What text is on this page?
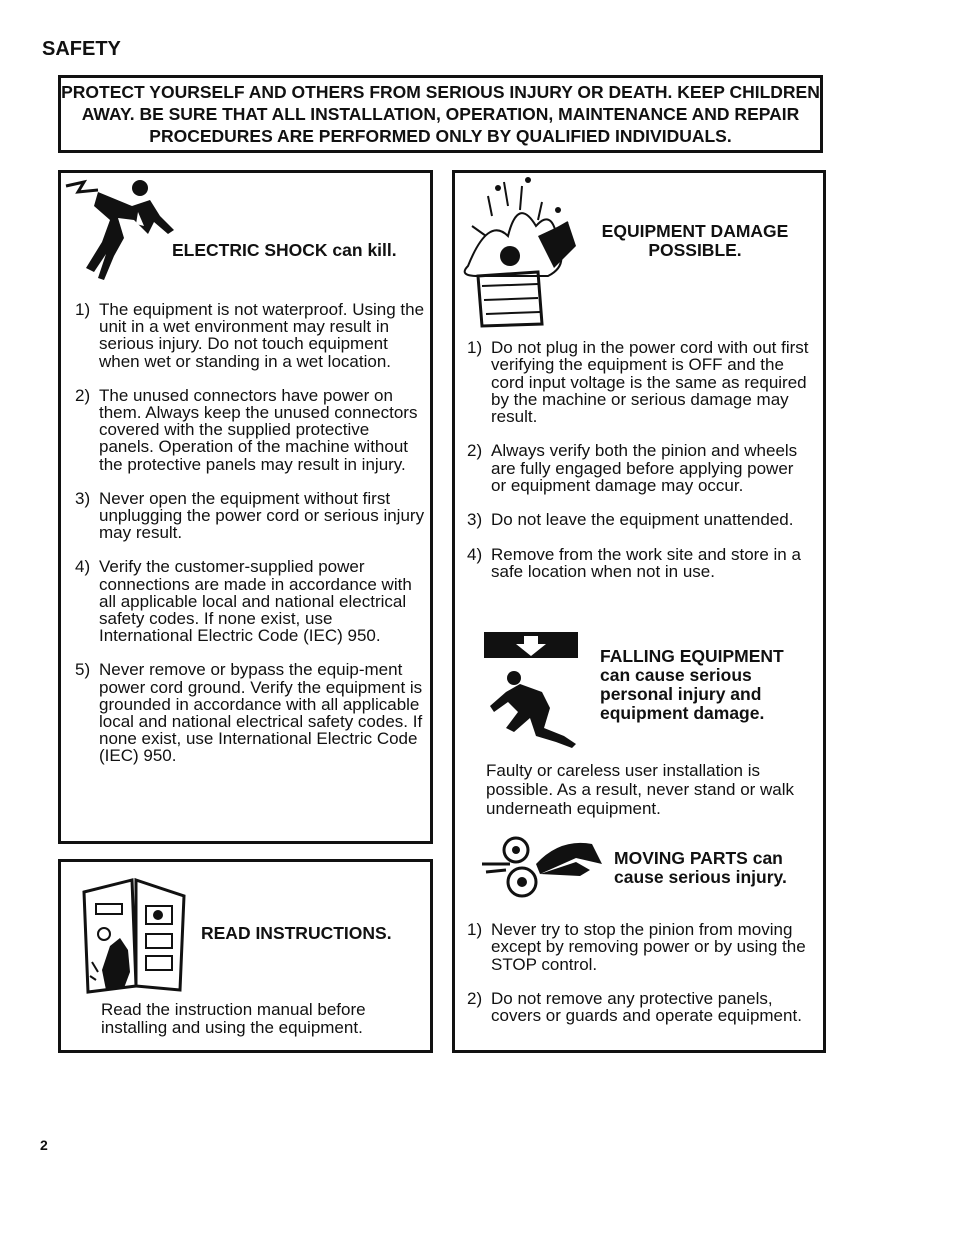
SAFETY
PROTECT YOURSELF AND OTHERS FROM SERIOUS INJURY OR DEATH. KEEP CHILDREN AWAY. BE SURE THAT ALL INSTALLATION, OPERATION, MAINTENANCE AND REPAIR PROCEDURES ARE PERFORMED ONLY BY QUALIFIED INDIVIDUALS.
ELECTRIC SHOCK can kill.
1) The equipment is not waterproof. Using the unit in a wet environment may result in serious injury. Do not touch equipment when wet or standing in a wet location.
2) The unused connectors have power on them. Always keep the unused connectors covered with the supplied protective panels. Operation of the machine without the protective panels may result in injury.
3) Never open the equipment without first unplugging the power cord or serious injury may result.
4) Verify the customer-supplied power connections are made in accordance with all applicable local and national electrical safety codes. If none exist, use International Electric Code (IEC) 950.
5) Never remove or bypass the equip-ment power cord ground. Verify the equipment is grounded in accordance with all applicable local and national electrical safety codes. If none exist, use International Electric Code (IEC) 950.
READ INSTRUCTIONS.
Read the instruction manual before installing and using the equipment.
EQUIPMENT DAMAGE POSSIBLE.
1) Do not plug in the power cord with out first verifying the equipment is OFF and the cord input voltage is the same as required by the machine or serious damage may result.
2) Always verify both the pinion and wheels are fully engaged before applying power or equipment damage may occur.
3) Do not leave the equipment unattended.
4) Remove from the work site and store in a safe location when not in use.
FALLING EQUIPMENT can cause serious personal injury and equipment damage.
Faulty or careless user installation is possible. As a result, never stand or walk underneath equipment.
MOVING PARTS can cause serious injury.
1) Never try to stop the pinion from moving except by removing power or by using the STOP control.
2) Do not remove any protective panels, covers or guards and operate equipment.
2
